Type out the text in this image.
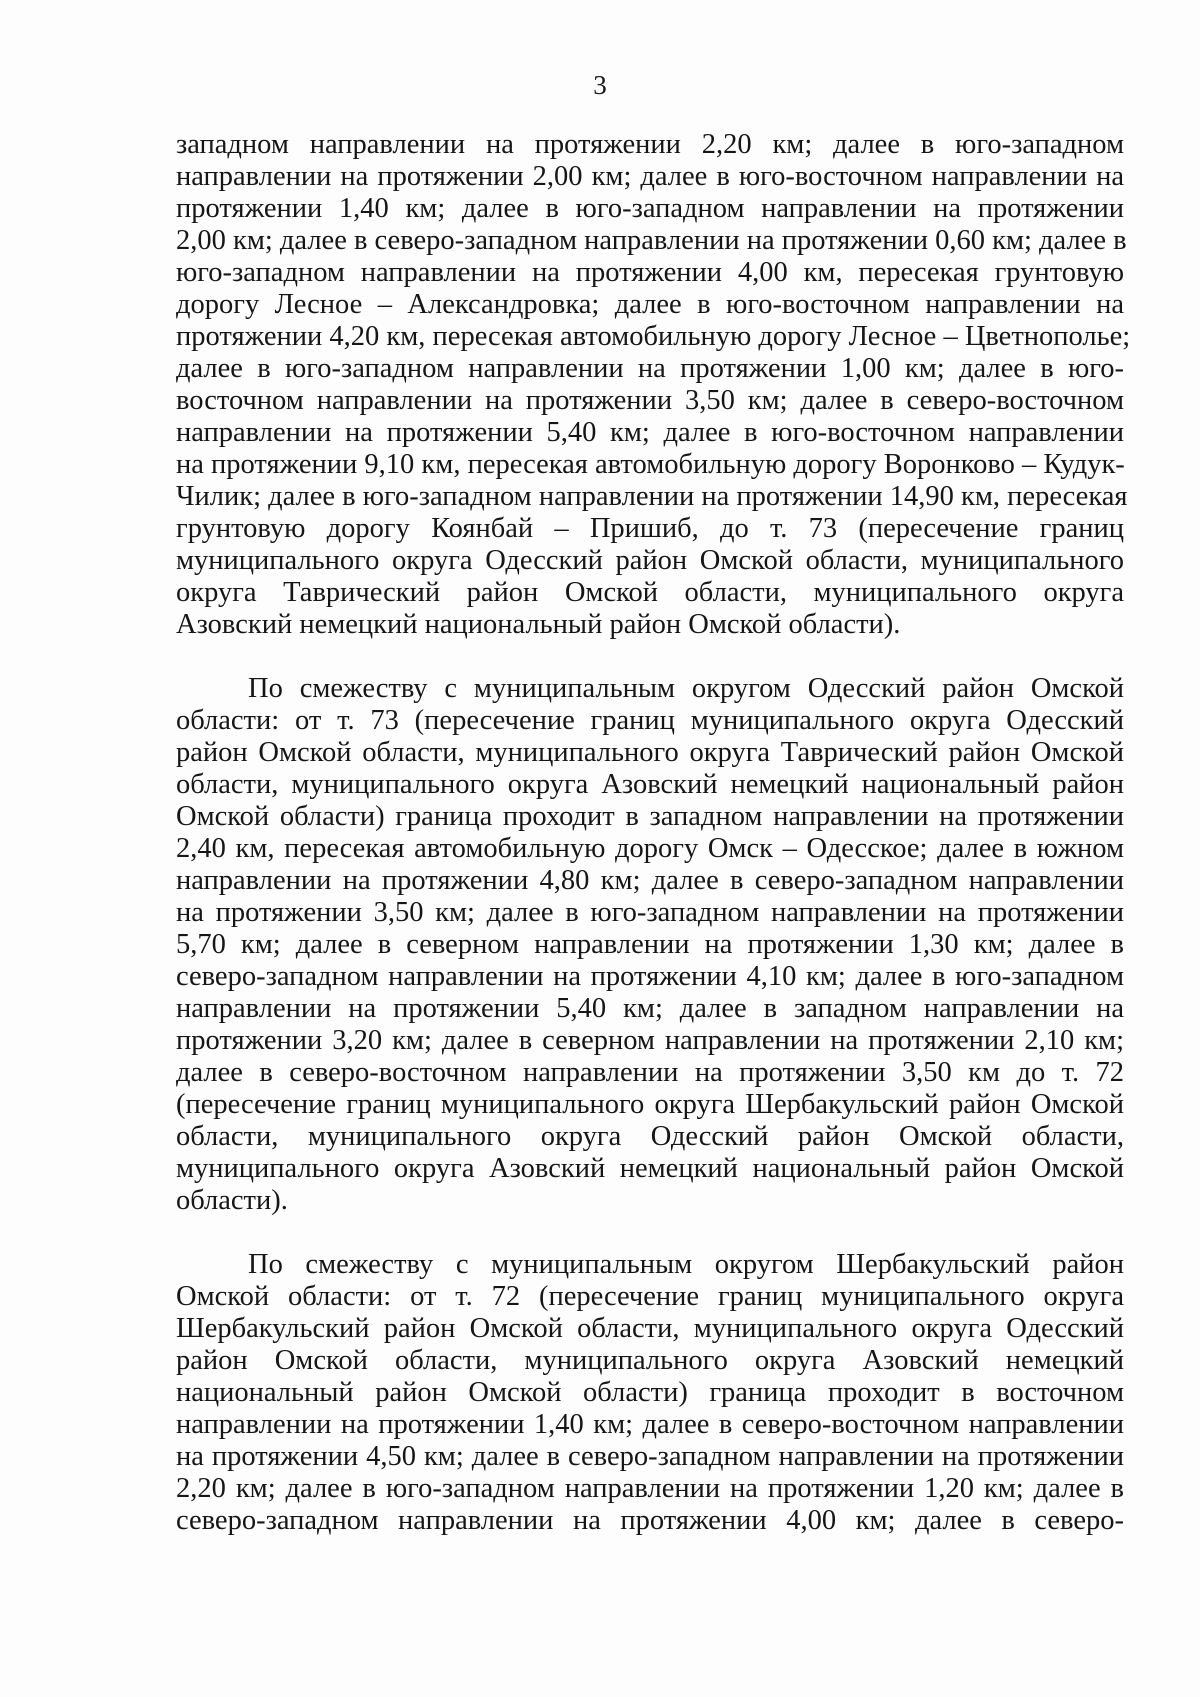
3
западном направлении на протяжении 2,20 км; далее в юго-западном
направлении на протяжении 2,00 км; далее в юго-восточном направлении на
протяжении 1,40 км; далее в юго-западном направлении на протяжении
2,00 км; далее в северо-западном направлении на протяжении 0,60 км; далее в
юго-западном направлении на протяжении 4,00 км, пересекая грунтовую
дорогу Лесное – Александровка; далее в юго-восточном направлении на
протяжении 4,20 км, пересекая автомобильную дорогу Лесное – Цветнополье;
далее в юго-западном направлении на протяжении 1,00 км; далее в юго-
восточном направлении на протяжении 3,50 км; далее в северо-восточном
направлении на протяжении 5,40 км; далее в юго-восточном направлении
на протяжении 9,10 км, пересекая автомобильную дорогу Воронково – Кудук-
Чилик; далее в юго-западном направлении на протяжении 14,90 км, пересекая
грунтовую дорогу Коянбай – Пришиб, до т. 73 (пересечение границ
муниципального округа Одесский район Омской области, муниципального
округа Таврический район Омской области, муниципального округа
Азовский немецкий национальный район Омской области).
По смежеству с муниципальным округом Одесский район Омской
области: от т. 73 (пересечение границ муниципального округа Одесский
район Омской области, муниципального округа Таврический район Омской
области, муниципального округа Азовский немецкий национальный район
Омской области) граница проходит в западном направлении на протяжении
2,40 км, пересекая автомобильную дорогу Омск – Одесское; далее в южном
направлении на протяжении 4,80 км; далее в северо-западном направлении
на протяжении 3,50 км; далее в юго-западном направлении на протяжении
5,70 км; далее в северном направлении на протяжении 1,30 км; далее в
северо-западном направлении на протяжении 4,10 км; далее в юго-западном
направлении на протяжении 5,40 км; далее в западном направлении на
протяжении 3,20 км; далее в северном направлении на протяжении 2,10 км;
далее в северо-восточном направлении на протяжении 3,50 км до т. 72
(пересечение границ муниципального округа Шербакульский район Омской
области, муниципального округа Одесский район Омской области,
муниципального округа Азовский немецкий национальный район Омской
области).
По смежеству с муниципальным округом Шербакульский район
Омской области: от т. 72 (пересечение границ муниципального округа
Шербакульский район Омской области, муниципального округа Одесский
район Омской области, муниципального округа Азовский немецкий
национальный район Омской области) граница проходит в восточном
направлении на протяжении 1,40 км; далее в северо-восточном направлении
на протяжении 4,50 км; далее в северо-западном направлении на протяжении
2,20 км; далее в юго-западном направлении на протяжении 1,20 км; далее в
северо-западном направлении на протяжении 4,00 км; далее в северо-
